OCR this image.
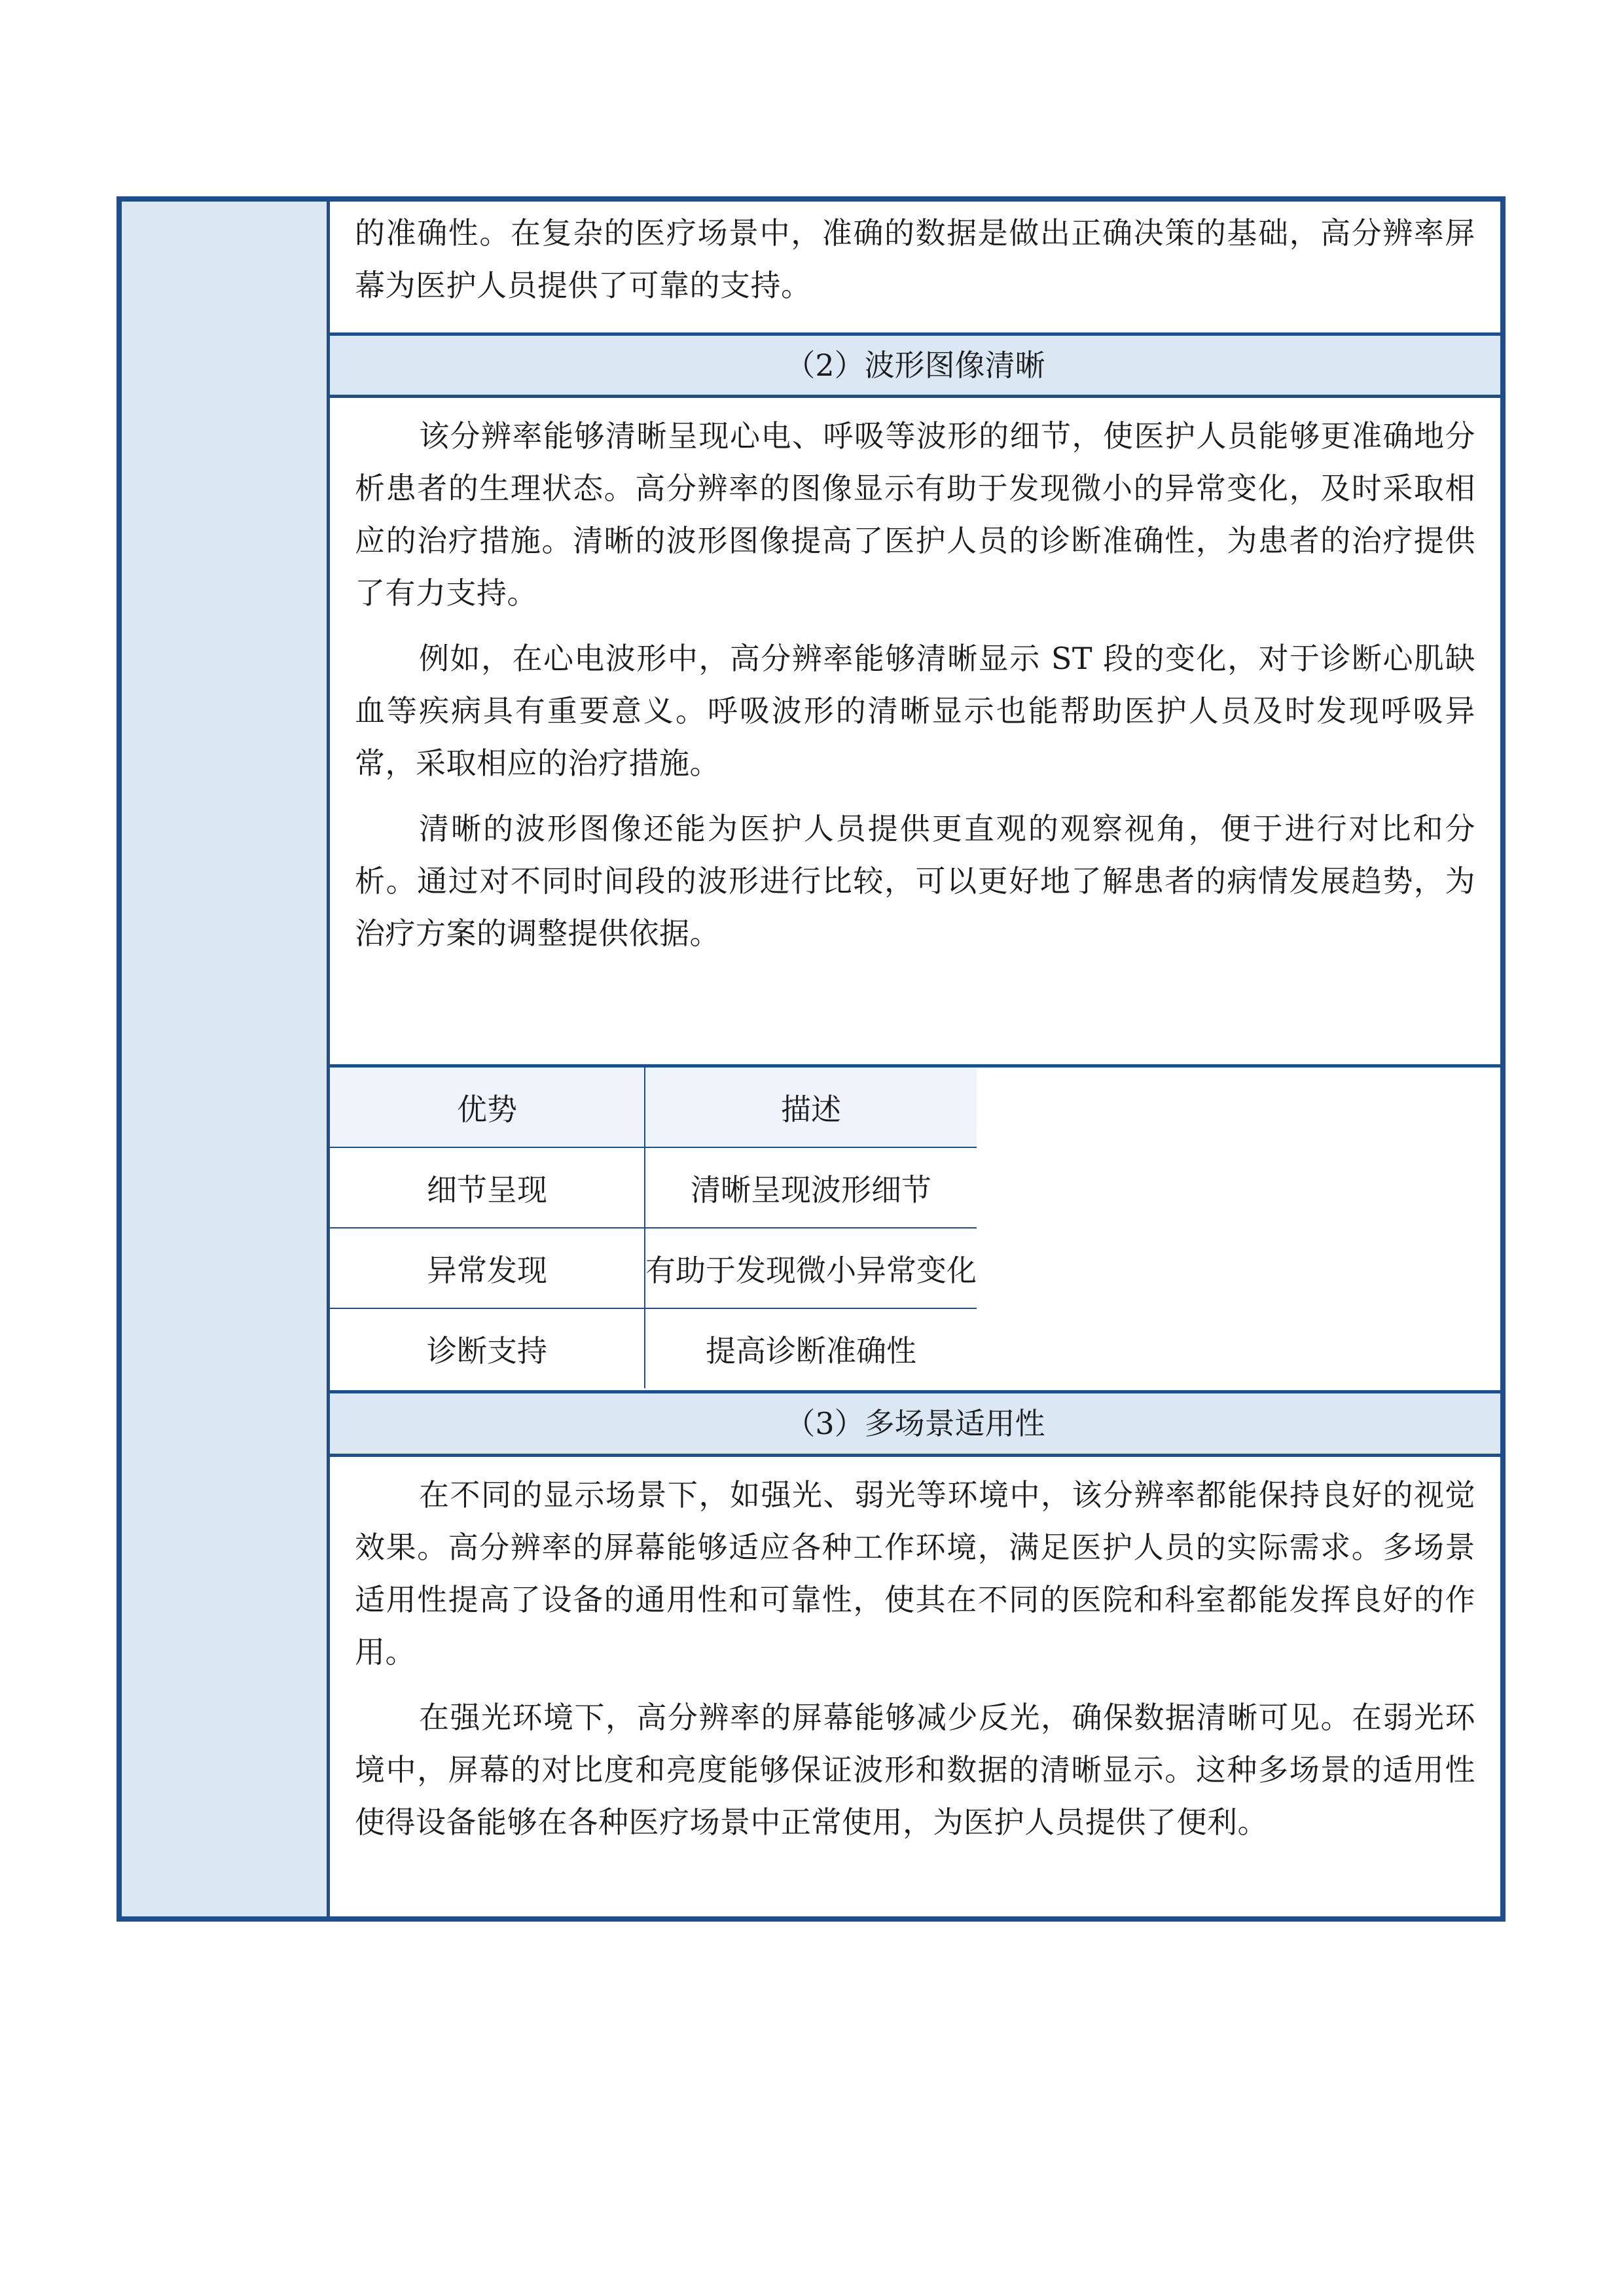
的准确性。在复杂的医疗场景中，准确的数据是做出正确决策的基础，高分辨率屏幕为医护人员提供了可靠的支持。

（2）波形图像清晰

该分辨率能够清晰呈现心电、呼吸等波形的细节，使医护人员能够更准确地分析患者的生理状态。高分辨率的图像显示有助于发现微小的异常变化，及时采取相应的治疗措施。清晰的波形图像提高了医护人员的诊断准确性，为患者的治疗提供了有力支持。

例如，在心电波形中，高分辨率能够清晰显示 ST 段的变化，对于诊断心肌缺血等疾病具有重要意义。呼吸波形的清晰显示也能帮助医护人员及时发现呼吸异常，采取相应的治疗措施。

清晰的波形图像还能为医护人员提供更直观的观察视角，便于进行对比和分析。通过对不同时间段的波形进行比较，可以更好地了解患者的病情发展趋势，为治疗方案的调整提供依据。

优势	描述
细节呈现	清晰呈现波形细节
异常发现	有助于发现微小异常变化
诊断支持	提高诊断准确性
（3）多场景适用性

在不同的显示场景下，如强光、弱光等环境中，该分辨率都能保持良好的视觉效果。高分辨率的屏幕能够适应各种工作环境，满足医护人员的实际需求。多场景适用性提高了设备的通用性和可靠性，使其在不同的医院和科室都能发挥良好的作用。

在强光环境下，高分辨率的屏幕能够减少反光，确保数据清晰可见。在弱光环境中，屏幕的对比度和亮度能够保证波形和数据的清晰显示。这种多场景的适用性使得设备能够在各种医疗场景中正常使用，为医护人员提供了便利。
